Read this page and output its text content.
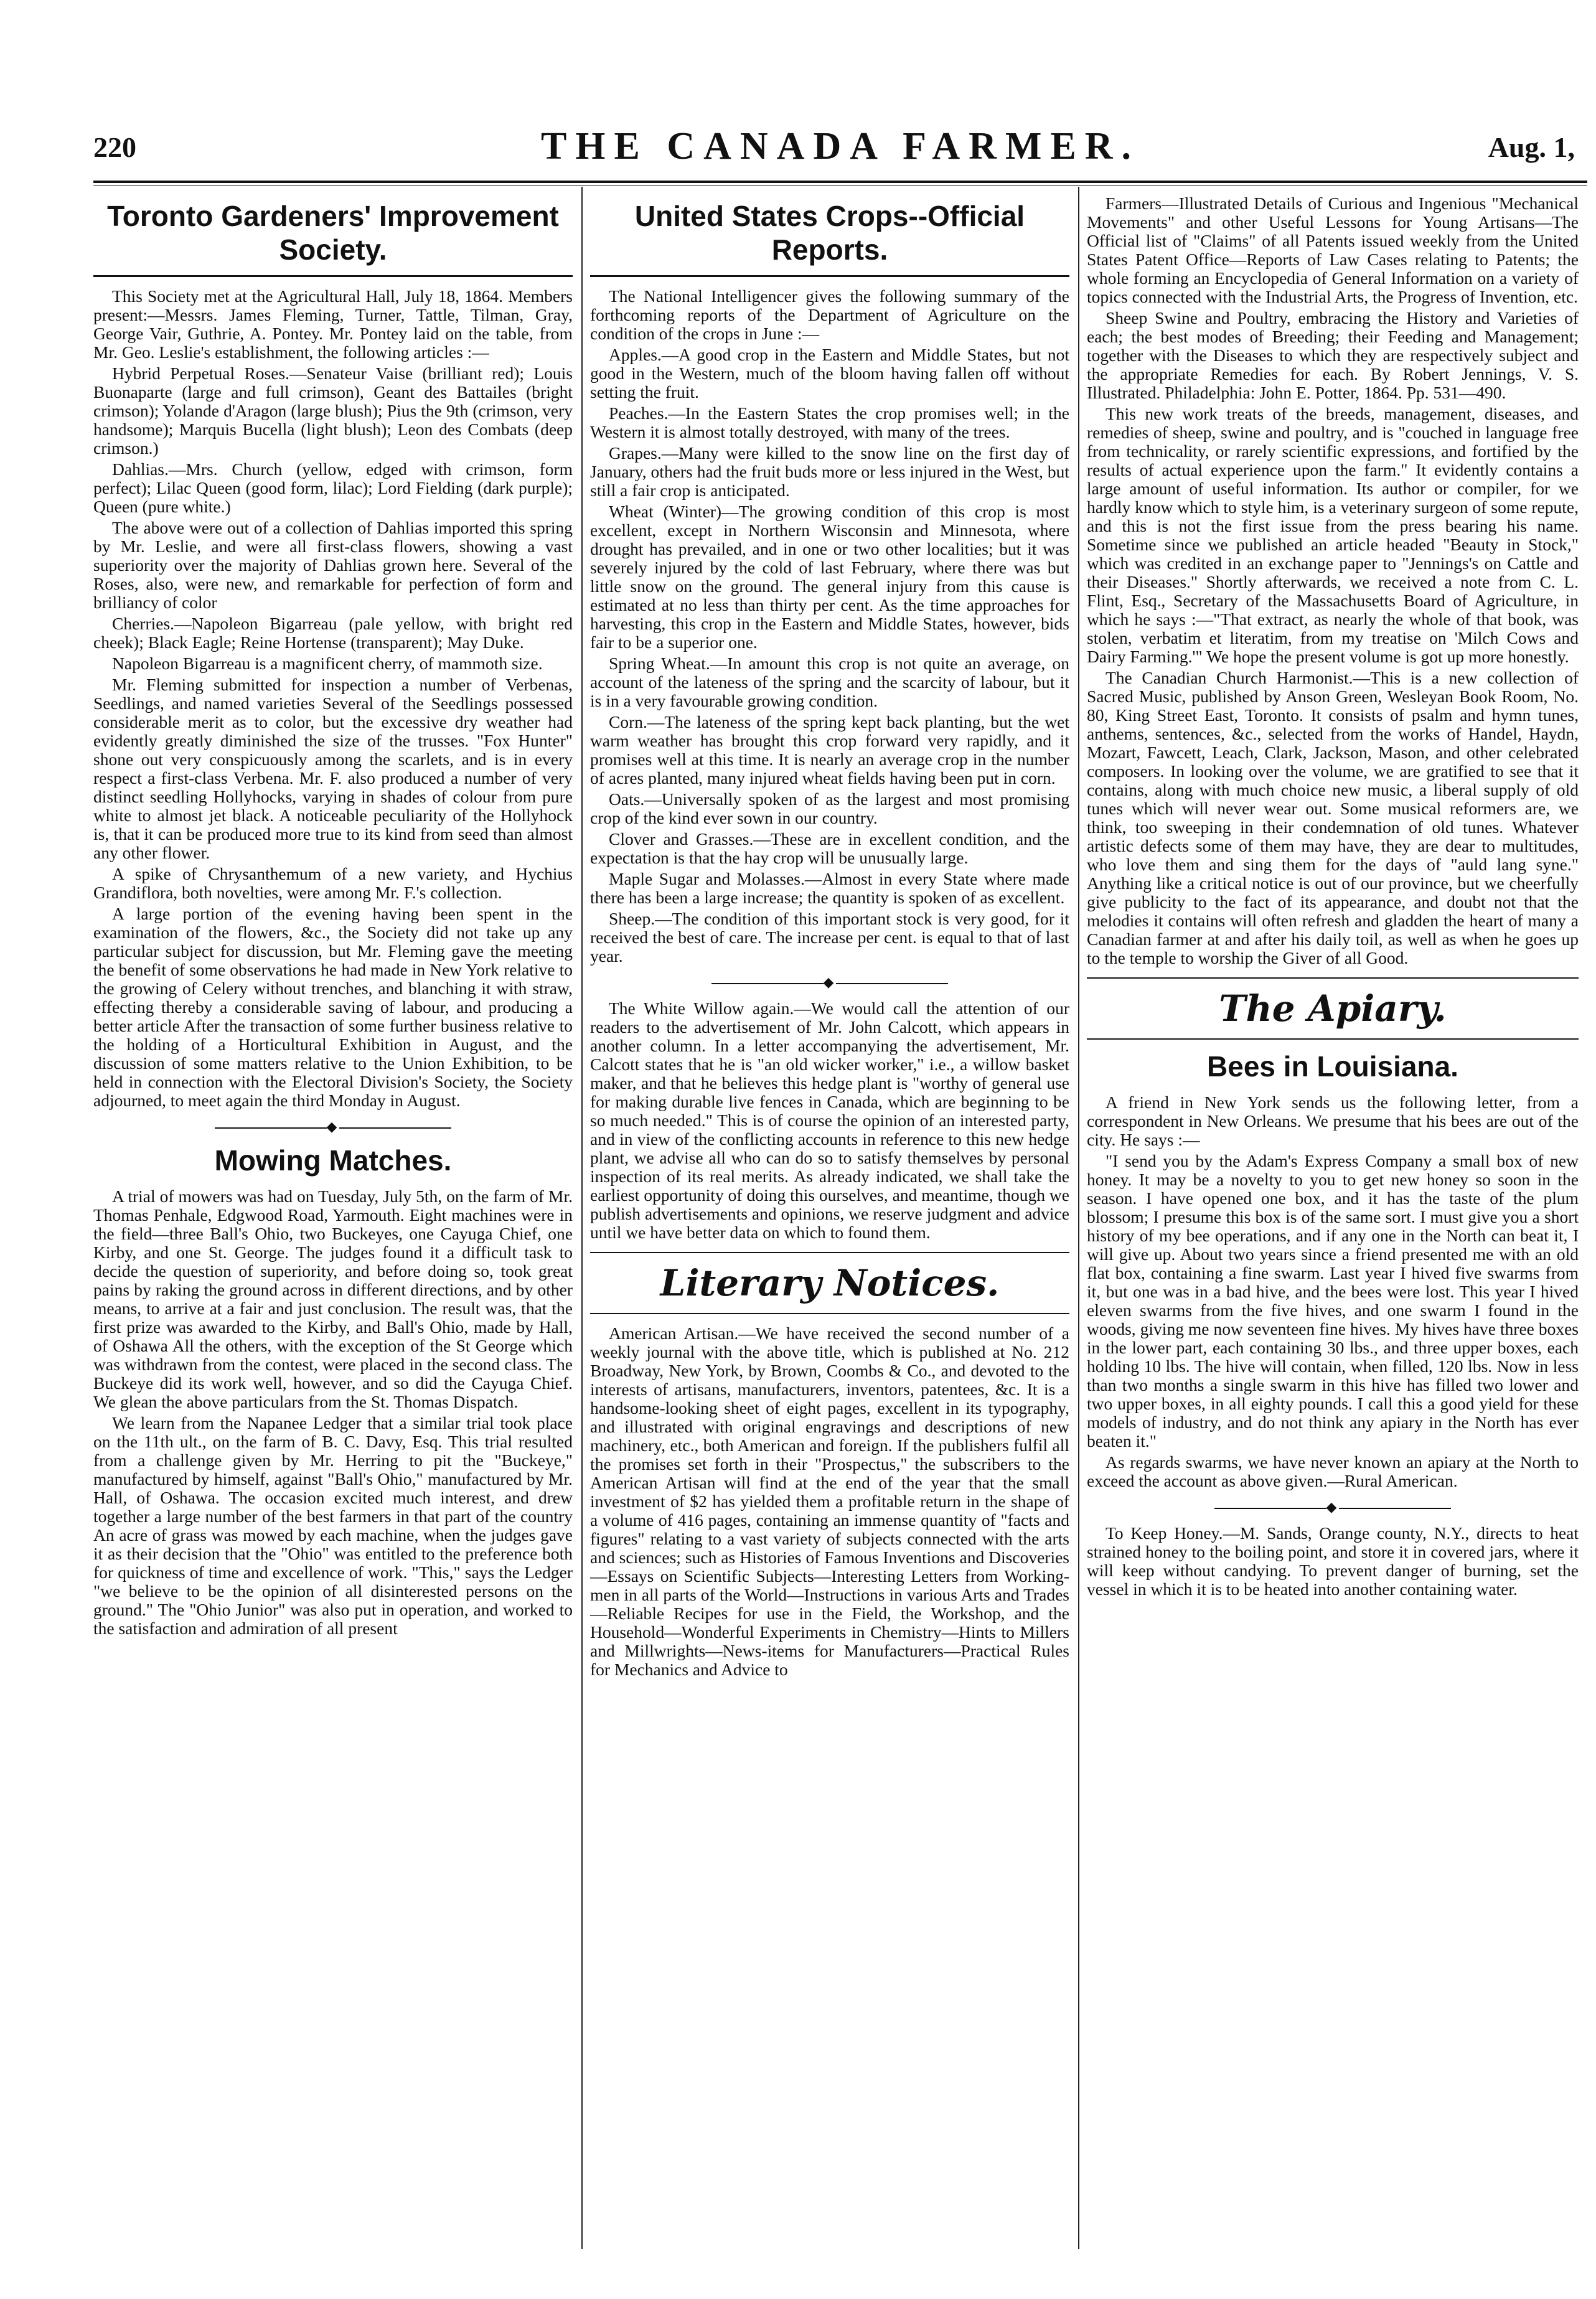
220	THE CANADA FARMER.	Aug. 1,
Toronto Gardeners' Improvement Society.

This Society met at the Agricultural Hall, July 18, 1864. Members present:—Messrs. James Fleming, Turner, Tattle, Tilman, Gray, George Vair, Guthrie, A. Pontey. Mr. Pontey laid on the table, from Mr. Geo. Leslie's establishment, the following articles :—

Hybrid Perpetual Roses.—Senateur Vaise (brilliant red); Louis Buonaparte (large and full crimson), Geant des Battailes (bright crimson); Yolande d'Aragon (large blush); Pius the 9th (crimson, very handsome); Marquis Bucella (light blush); Leon des Combats (deep crimson.)

Dahlias.—Mrs. Church (yellow, edged with crimson, form perfect); Lilac Queen (good form, lilac); Lord Fielding (dark purple); Queen (pure white.)

The above were out of a collection of Dahlias imported this spring by Mr. Leslie, and were all first-class flowers, showing a vast superiority over the majority of Dahlias grown here. Several of the Roses, also, were new, and remarkable for perfection of form and brilliancy of color

Cherries.—Napoleon Bigarreau (pale yellow, with bright red cheek); Black Eagle; Reine Hortense (transparent); May Duke.

Napoleon Bigarreau is a magnificent cherry, of mammoth size.

Mr. Fleming submitted for inspection a number of Verbenas, Seedlings, and named varieties Several of the Seedlings possessed considerable merit as to color, but the excessive dry weather had evidently greatly diminished the size of the trusses. "Fox Hunter" shone out very conspicuously among the scarlets, and is in every respect a first-class Verbena. Mr. F. also produced a number of very distinct seedling Hollyhocks, varying in shades of colour from pure white to almost jet black. A noticeable peculiarity of the Hollyhock is, that it can be produced more true to its kind from seed than almost any other flower.

A spike of Chrysanthemum of a new variety, and Hychius Grandiflora, both novelties, were among Mr. F.'s collection.

A large portion of the evening having been spent in the examination of the flowers, &c., the Society did not take up any particular subject for discussion, but Mr. Fleming gave the meeting the benefit of some observations he had made in New York relative to the growing of Celery without trenches, and blanching it with straw, effecting thereby a considerable saving of labour, and producing a better article After the transaction of some further business relative to the holding of a Horticultural Exhibition in August, and the discussion of some matters relative to the Union Exhibition, to be held in connection with the Electoral Division's Society, the Society adjourned, to meet again the third Monday in August.

◆
Mowing Matches.

A trial of mowers was had on Tuesday, July 5th, on the farm of Mr. Thomas Penhale, Edgwood Road, Yarmouth. Eight machines were in the field—three Ball's Ohio, two Buckeyes, one Cayuga Chief, one Kirby, and one St. George. The judges found it a difficult task to decide the question of superiority, and before doing so, took great pains by raking the ground across in different directions, and by other means, to arrive at a fair and just conclusion. The result was, that the first prize was awarded to the Kirby, and Ball's Ohio, made by Hall, of Oshawa All the others, with the exception of the St George which was withdrawn from the contest, were placed in the second class. The Buckeye did its work well, however, and so did the Cayuga Chief. We glean the above particulars from the St. Thomas Dispatch.

We learn from the Napanee Ledger that a similar trial took place on the 11th ult., on the farm of B. C. Davy, Esq. This trial resulted from a challenge given by Mr. Herring to pit the "Buckeye," manufactured by himself, against "Ball's Ohio," manufactured by Mr. Hall, of Oshawa. The occasion excited much interest, and drew together a large number of the best farmers in that part of the country An acre of grass was mowed by each machine, when the judges gave it as their decision that the "Ohio" was entitled to the preference both for quickness of time and excellence of work. "This," says the Ledger "we believe to be the opinion of all disinterested persons on the ground." The "Ohio Junior" was also put in operation, and worked to the satisfaction and admiration of all present

United States Crops--Official Reports.

The National Intelligencer gives the following summary of the forthcoming reports of the Department of Agriculture on the condition of the crops in June :—

Apples.—A good crop in the Eastern and Middle States, but not good in the Western, much of the bloom having fallen off without setting the fruit.

Peaches.—In the Eastern States the crop promises well; in the Western it is almost totally destroyed, with many of the trees.

Grapes.—Many were killed to the snow line on the first day of January, others had the fruit buds more or less injured in the West, but still a fair crop is anticipated.

Wheat (Winter)—The growing condition of this crop is most excellent, except in Northern Wisconsin and Minnesota, where drought has prevailed, and in one or two other localities; but it was severely injured by the cold of last February, where there was but little snow on the ground. The general injury from this cause is estimated at no less than thirty per cent. As the time approaches for harvesting, this crop in the Eastern and Middle States, however, bids fair to be a superior one.

Spring Wheat.—In amount this crop is not quite an average, on account of the lateness of the spring and the scarcity of labour, but it is in a very favourable growing condition.

Corn.—The lateness of the spring kept back planting, but the wet warm weather has brought this crop forward very rapidly, and it promises well at this time. It is nearly an average crop in the number of acres planted, many injured wheat fields having been put in corn.

Oats.—Universally spoken of as the largest and most promising crop of the kind ever sown in our country.

Clover and Grasses.—These are in excellent condition, and the expectation is that the hay crop will be unusually large.

Maple Sugar and Molasses.—Almost in every State where made there has been a large increase; the quantity is spoken of as excellent.

Sheep.—The condition of this important stock is very good, for it received the best of care. The increase per cent. is equal to that of last year.

◆

The White Willow again.—We would call the attention of our readers to the advertisement of Mr. John Calcott, which appears in another column. In a letter accompanying the advertisement, Mr. Calcott states that he is "an old wicker worker," i.e., a willow basket maker, and that he believes this hedge plant is "worthy of general use for making durable live fences in Canada, which are beginning to be so much needed." This is of course the opinion of an interested party, and in view of the conflicting accounts in reference to this new hedge plant, we advise all who can do so to satisfy themselves by personal inspection of its real merits. As already indicated, we shall take the earliest opportunity of doing this ourselves, and meantime, though we publish advertisements and opinions, we reserve judgment and advice until we have better data on which to found them.

Literary Notices.

American Artisan.—We have received the second number of a weekly journal with the above title, which is published at No. 212 Broadway, New York, by Brown, Coombs & Co., and devoted to the interests of artisans, manufacturers, inventors, patentees, &c. It is a handsome-looking sheet of eight pages, excellent in its typography, and illustrated with original engravings and descriptions of new machinery, etc., both American and foreign. If the publishers fulfil all the promises set forth in their "Prospectus," the subscribers to the American Artisan will find at the end of the year that the small investment of $2 has yielded them a profitable return in the shape of a volume of 416 pages, containing an immense quantity of "facts and figures" relating to a vast variety of subjects connected with the arts and sciences; such as Histories of Famous Inventions and Discoveries—Essays on Scientific Subjects—Interesting Letters from Working-men in all parts of the World—Instructions in various Arts and Trades—Reliable Recipes for use in the Field, the Workshop, and the Household—Wonderful Experiments in Chemistry—Hints to Millers and Millwrights—News-items for Manufacturers—Practical Rules for Mechanics and Advice to

Farmers—Illustrated Details of Curious and Ingenious "Mechanical Movements" and other Useful Lessons for Young Artisans—The Official list of "Claims" of all Patents issued weekly from the United States Patent Office—Reports of Law Cases relating to Patents; the whole forming an Encyclopedia of General Information on a variety of topics connected with the Industrial Arts, the Progress of Invention, etc.

Sheep Swine and Poultry, embracing the History and Varieties of each; the best modes of Breeding; their Feeding and Management; together with the Diseases to which they are respectively subject and the appropriate Remedies for each. By Robert Jennings, V. S. Illustrated. Philadelphia: John E. Potter, 1864. Pp. 531—490.

This new work treats of the breeds, management, diseases, and remedies of sheep, swine and poultry, and is "couched in language free from technicality, or rarely scientific expressions, and fortified by the results of actual experience upon the farm." It evidently contains a large amount of useful information. Its author or compiler, for we hardly know which to style him, is a veterinary surgeon of some repute, and this is not the first issue from the press bearing his name. Sometime since we published an article headed "Beauty in Stock," which was credited in an exchange paper to "Jennings's on Cattle and their Diseases." Shortly afterwards, we received a note from C. L. Flint, Esq., Secretary of the Massachusetts Board of Agriculture, in which he says :—"That extract, as nearly the whole of that book, was stolen, verbatim et literatim, from my treatise on 'Milch Cows and Dairy Farming.'" We hope the present volume is got up more honestly.

The Canadian Church Harmonist.—This is a new collection of Sacred Music, published by Anson Green, Wesleyan Book Room, No. 80, King Street East, Toronto. It consists of psalm and hymn tunes, anthems, sentences, &c., selected from the works of Handel, Haydn, Mozart, Fawcett, Leach, Clark, Jackson, Mason, and other celebrated composers. In looking over the volume, we are gratified to see that it contains, along with much choice new music, a liberal supply of old tunes which will never wear out. Some musical reformers are, we think, too sweeping in their condemnation of old tunes. Whatever artistic defects some of them may have, they are dear to multitudes, who love them and sing them for the days of "auld lang syne." Anything like a critical notice is out of our province, but we cheerfully give publicity to the fact of its appearance, and doubt not that the melodies it contains will often refresh and gladden the heart of many a Canadian farmer at and after his daily toil, as well as when he goes up to the temple to worship the Giver of all Good.

The Apiary.
Bees in Louisiana.

A friend in New York sends us the following letter, from a correspondent in New Orleans. We presume that his bees are out of the city. He says :—

"I send you by the Adam's Express Company a small box of new honey. It may be a novelty to you to get new honey so soon in the season. I have opened one box, and it has the taste of the plum blossom; I presume this box is of the same sort. I must give you a short history of my bee operations, and if any one in the North can beat it, I will give up. About two years since a friend presented me with an old flat box, containing a fine swarm. Last year I hived five swarms from it, but one was in a bad hive, and the bees were lost. This year I hived eleven swarms from the five hives, and one swarm I found in the woods, giving me now seventeen fine hives. My hives have three boxes in the lower part, each containing 30 lbs., and three upper boxes, each holding 10 lbs. The hive will contain, when filled, 120 lbs. Now in less than two months a single swarm in this hive has filled two lower and two upper boxes, in all eighty pounds. I call this a good yield for these models of industry, and do not think any apiary in the North has ever beaten it."

As regards swarms, we have never known an apiary at the North to exceed the account as above given.—Rural American.

◆

To Keep Honey.—M. Sands, Orange county, N.Y., directs to heat strained honey to the boiling point, and store it in covered jars, where it will keep without candying. To prevent danger of burning, set the vessel in which it is to be heated into another containing water.
